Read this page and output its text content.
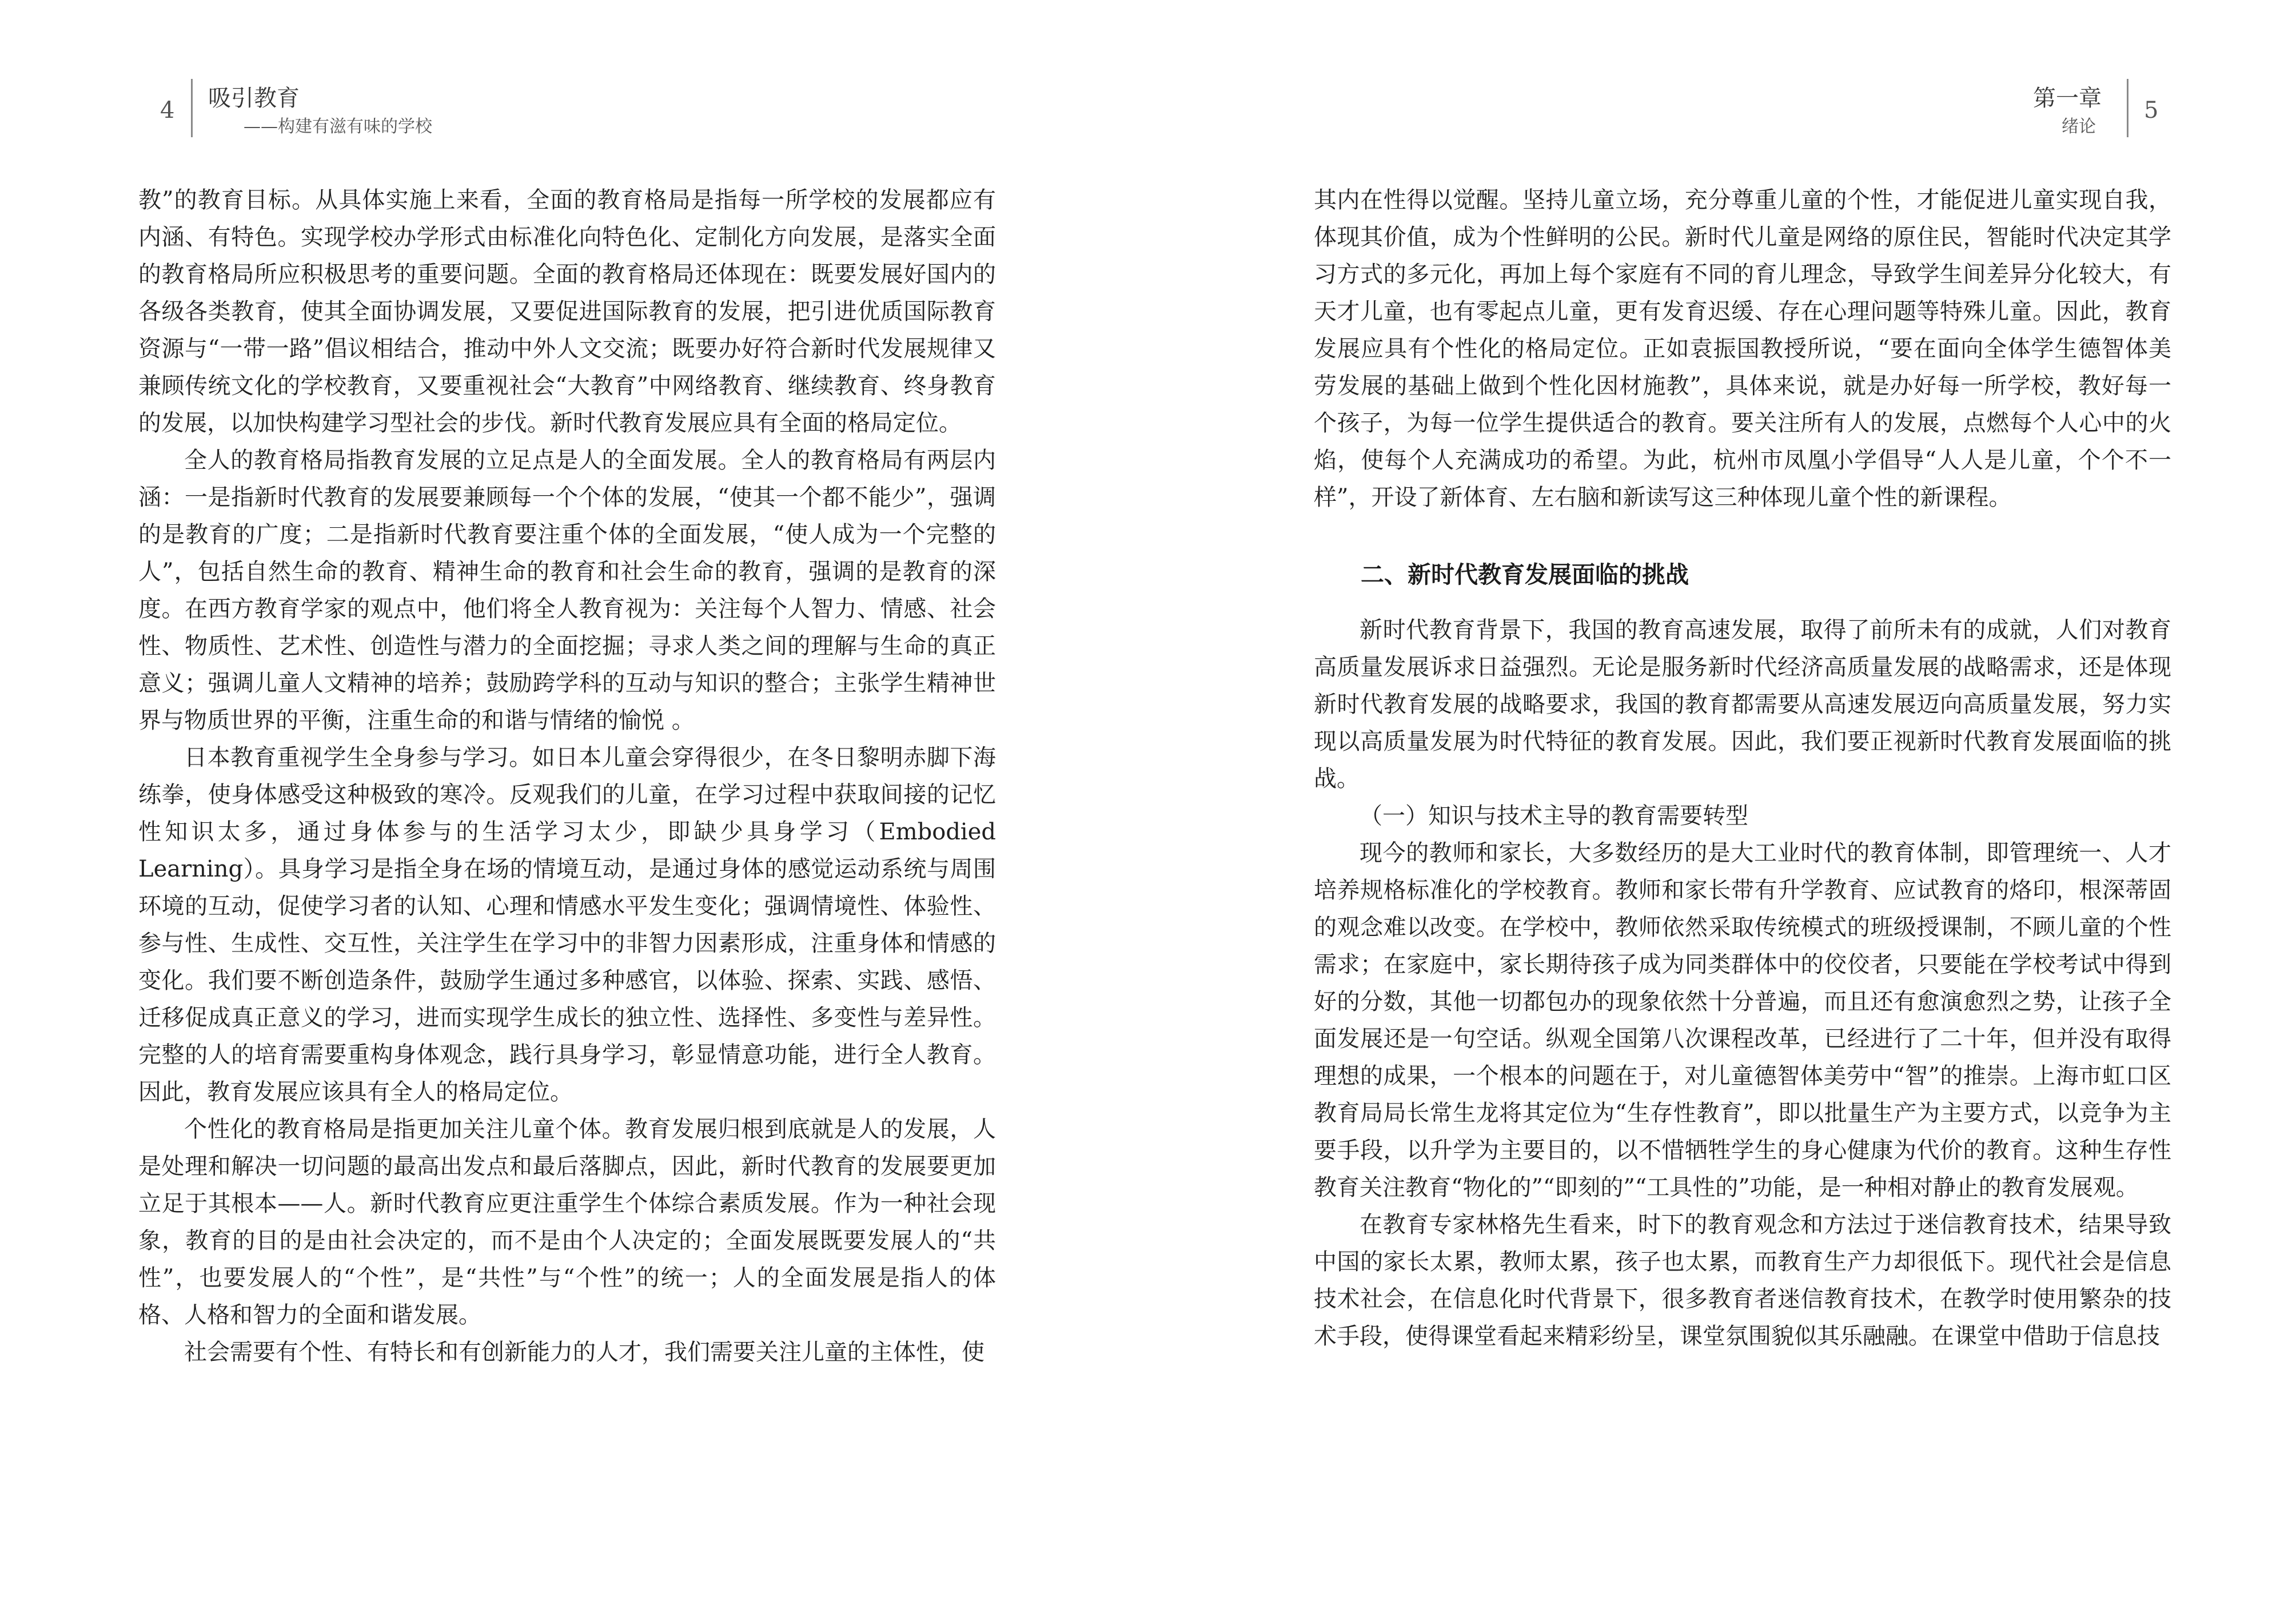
4 吸引教育
——构建有滋有味的学校

教”的教育目标。从具体实施上来看，全面的教育格局是指每一所学校的发展都应有内涵、有特色。实现学校办学形式由标准化向特色化、定制化方向发展，是落实全面的教育格局所应积极思考的重要问题。全面的教育格局还体现在：既要发展好国内的各级各类教育，使其全面协调发展，又要促进国际教育的发展，把引进优质国际教育资源与“一带一路”倡议相结合，推动中外人文交流；既要办好符合新时代发展规律又兼顾传统文化的学校教育，又要重视社会“大教育”中网络教育、继续教育、终身教育的发展，以加快构建学习型社会的步伐。新时代教育发展应具有全面的格局定位。

全人的教育格局指教育发展的立足点是人的全面发展。全人的教育格局有两层内涵：一是指新时代教育的发展要兼顾每一个个体的发展，“使其一个都不能少”，强调的是教育的广度；二是指新时代教育要注重个体的全面发展，“使人成为一个完整的人”，包括自然生命的教育、精神生命的教育和社会生命的教育，强调的是教育的深度。在西方教育学家的观点中，他们将全人教育视为：关注每个人智力、情感、社会性、物质性、艺术性、创造性与潜力的全面挖掘；寻求人类之间的理解与生命的真正意义；强调儿童人文精神的培养；鼓励跨学科的互动与知识的整合；主张学生精神世界与物质世界的平衡，注重生命的和谐与情绪的愉悦 。

日本教育重视学生全身参与学习。如日本儿童会穿得很少，在冬日黎明赤脚下海练拳，使身体感受这种极致的寒冷。反观我们的儿童，在学习过程中获取间接的记忆性知识太多，通过身体参与的生活学习太少，即缺少具身学习（Embodied Learning）。具身学习是指全身在场的情境互动，是通过身体的感觉运动系统与周围环境的互动，促使学习者的认知、心理和情感水平发生变化；强调情境性、体验性、参与性、生成性、交互性，关注学生在学习中的非智力因素形成，注重身体和情感的变化。我们要不断创造条件，鼓励学生通过多种感官，以体验、探索、实践、感悟、迁移促成真正意义的学习，进而实现学生成长的独立性、选择性、多变性与差异性。完整的人的培育需要重构身体观念，践行具身学习，彰显情意功能，进行全人教育。因此，教育发展应该具有全人的格局定位。

个性化的教育格局是指更加关注儿童个体。教育发展归根到底就是人的发展，人是处理和解决一切问题的最高出发点和最后落脚点，因此，新时代教育的发展要更加立足于其根本——人。新时代教育应更注重学生个体综合素质发展。作为一种社会现象，教育的目的是由社会决定的，而不是由个人决定的；全面发展既要发展人的“共性”，也要发展人的“个性”，是“共性”与“个性”的统一；人的全面发展是指人的体格、人格和智力的全面和谐发展。

社会需要有个性、有特长和有创新能力的人才，我们需要关注儿童的主体性，使

第一章
绪论
5

其内在性得以觉醒。坚持儿童立场，充分尊重儿童的个性，才能促进儿童实现自我，体现其价值，成为个性鲜明的公民。新时代儿童是网络的原住民，智能时代决定其学习方式的多元化，再加上每个家庭有不同的育儿理念，导致学生间差异分化较大，有天才儿童，也有零起点儿童，更有发育迟缓、存在心理问题等特殊儿童。因此，教育发展应具有个性化的格局定位。正如袁振国教授所说，“要在面向全体学生德智体美劳发展的基础上做到个性化因材施教”，具体来说，就是办好每一所学校，教好每一个孩子，为每一位学生提供适合的教育。要关注所有人的发展，点燃每个人心中的火焰，使每个人充满成功的希望。为此，杭州市凤凰小学倡导“人人是儿童，个个不一样”，开设了新体育、左右脑和新读写这三种体现儿童个性的新课程。

二、新时代教育发展面临的挑战

新时代教育背景下，我国的教育高速发展，取得了前所未有的成就，人们对教育高质量发展诉求日益强烈。无论是服务新时代经济高质量发展的战略需求，还是体现新时代教育发展的战略要求，我国的教育都需要从高速发展迈向高质量发展，努力实现以高质量发展为时代特征的教育发展。因此，我们要正视新时代教育发展面临的挑战。

（一）知识与技术主导的教育需要转型

现今的教师和家长，大多数经历的是大工业时代的教育体制，即管理统一、人才培养规格标准化的学校教育。教师和家长带有升学教育、应试教育的烙印，根深蒂固的观念难以改变。在学校中，教师依然采取传统模式的班级授课制，不顾儿童的个性需求；在家庭中，家长期待孩子成为同类群体中的佼佼者，只要能在学校考试中得到好的分数，其他一切都包办的现象依然十分普遍，而且还有愈演愈烈之势，让孩子全面发展还是一句空话。纵观全国第八次课程改革，已经进行了二十年，但并没有取得理想的成果，一个根本的问题在于，对儿童德智体美劳中“智”的推崇。上海市虹口区教育局局长常生龙将其定位为“生存性教育”，即以批量生产为主要方式，以竞争为主要手段，以升学为主要目的，以不惜牺牲学生的身心健康为代价的教育。这种生存性教育关注教育“物化的”“即刻的”“工具性的”功能，是一种相对静止的教育发展观。

在教育专家林格先生看来，时下的教育观念和方法过于迷信教育技术，结果导致中国的家长太累，教师太累，孩子也太累，而教育生产力却很低下。现代社会是信息技术社会，在信息化时代背景下，很多教育者迷信教育技术，在教学时使用繁杂的技术手段，使得课堂看起来精彩纷呈，课堂氛围貌似其乐融融。在课堂中借助于信息技
